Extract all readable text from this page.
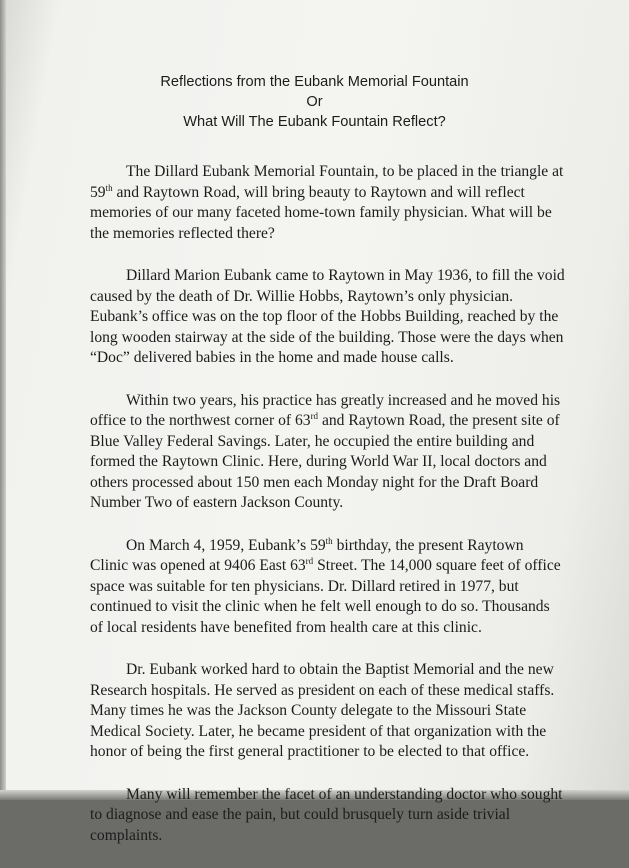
Reflections from the Eubank Memorial Fountain
Or
What Will The Eubank Fountain Reflect?
The Dillard Eubank Memorial Fountain, to be placed in the triangle at
59th and Raytown Road, will bring beauty to Raytown and will reflect
memories of our many faceted home-town family physician. What will be
the memories reflected there?
Dillard Marion Eubank came to Raytown in May 1936, to fill the void
caused by the death of Dr. Willie Hobbs, Raytown’s only physician.
Eubank’s office was on the top floor of the Hobbs Building, reached by the
long wooden stairway at the side of the building. Those were the days when
“Doc” delivered babies in the home and made house calls.
Within two years, his practice has greatly increased and he moved his
office to the northwest corner of 63rd and Raytown Road, the present site of
Blue Valley Federal Savings. Later, he occupied the entire building and
formed the Raytown Clinic. Here, during World War II, local doctors and
others processed about 150 men each Monday night for the Draft Board
Number Two of eastern Jackson County.
On March 4, 1959, Eubank’s 59th birthday, the present Raytown
Clinic was opened at 9406 East 63rd Street. The 14,000 square feet of office
space was suitable for ten physicians. Dr. Dillard retired in 1977, but
continued to visit the clinic when he felt well enough to do so. Thousands
of local residents have benefited from health care at this clinic.
Dr. Eubank worked hard to obtain the Baptist Memorial and the new
Research hospitals. He served as president on each of these medical staffs.
Many times he was the Jackson County delegate to the Missouri State
Medical Society. Later, he became president of that organization with the
honor of being the first general practitioner to be elected to that office.
Many will remember the facet of an understanding doctor who sought
to diagnose and ease the pain, but could brusquely turn aside trivial
complaints.
